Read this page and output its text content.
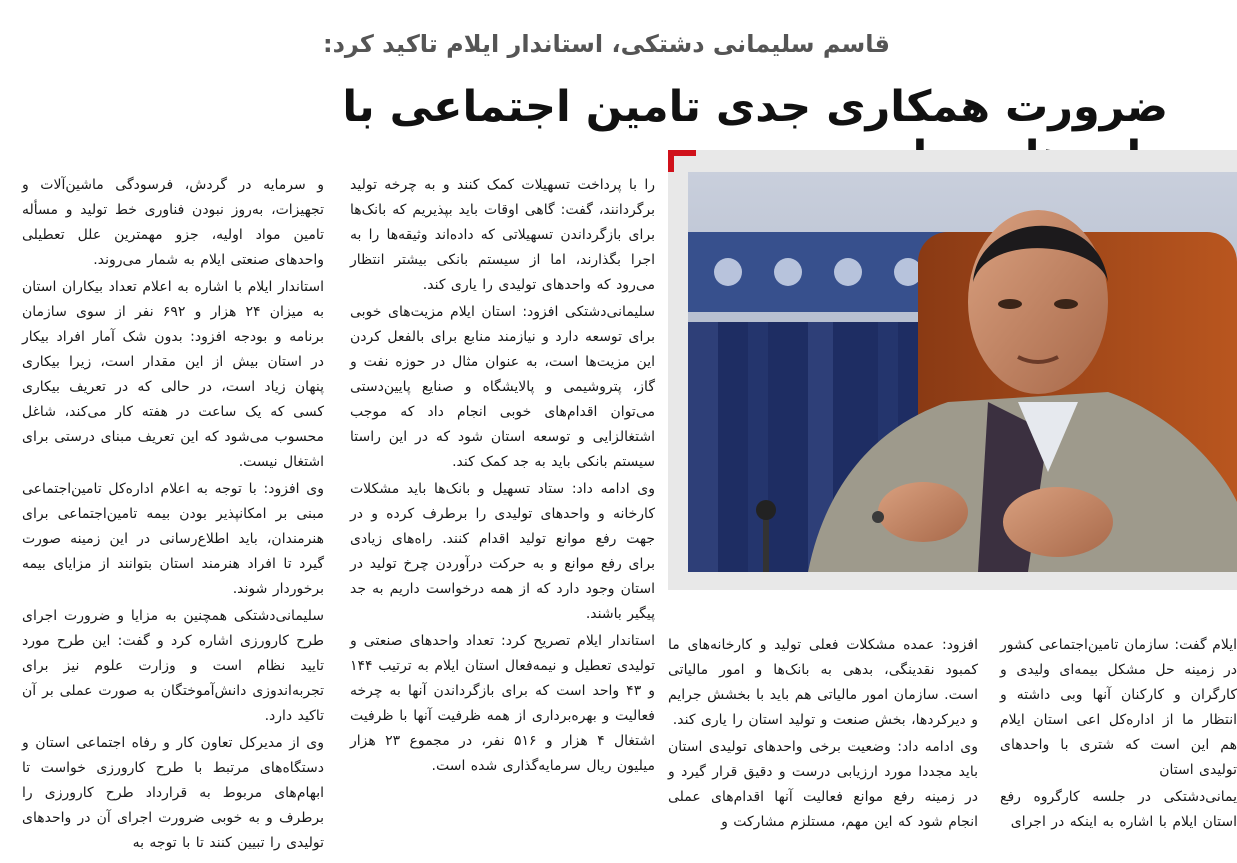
قاسم سلیمانی دشتکی، استاندار ایلام تاکید کرد:
ضرورت همکاری جدی تامین اجتماعی با

را با پرداخت تسهیلات کمک کنند و به چرخه تولید برگردانند، گفت: گاهی اوقات باید بپذیریم که بانک‌ها برای بازگرداندن تسهیلاتی که داده‌اند وثیقه‌ها را به اجرا بگذارند، اما از سیستم بانکی بیشتر انتظار می‌رود که واحدهای تولیدی را یاری کند.

سلیمانی‌دشتکی افزود: استان ایلام مزیت‌های خوبی برای توسعه دارد و نیازمند منابع برای بالفعل کردن این مزیت‌ها است، به عنوان مثال در حوزه نفت و گاز، پتروشیمی و پالایشگاه و صنایع پایین‌دستی می‌توان اقدام‌های خوبی انجام داد که موجب اشتغالزایی و توسعه استان شود که در این راستا سیستم بانکی باید به جد کمک کند.

وی ادامه داد: ستاد تسهیل و بانک‌ها باید مشکلات کارخانه و واحدهای تولیدی را برطرف کرده و در جهت رفع موانع تولید اقدام کنند. راه‌های زیادی برای رفع موانع و به حرکت درآوردن چرخ تولید در استان وجود دارد که از همه درخواست داریم به جد پیگیر باشند.

استاندار ایلام تصریح کرد: تعداد واحدهای صنعتی و تولیدی تعطیل و نیمه‌فعال استان ایلام به ترتیب ۱۴۴ و ۴۳ واحد است که برای بازگرداندن آنها به چرخه فعالیت و بهره‌برداری از همه ظرفیت آنها با ظرفیت اشتغال ۴ هزار و ۵۱۶ نفر، در مجموع ۲۳ هزار میلیون ریال سرمایه‌گذاری شده است.

و سرمایه در گردش، فرسودگی ماشین‌آلات و تجهیزات، به‌روز نبودن فناوری خط تولید و مسأله تامین مواد اولیه، جزو مهمترین علل تعطیلی واحدهای صنعتی ایلام به شمار می‌روند.

استاندار ایلام با اشاره به اعلام تعداد بیکاران استان به میزان ۲۴ هزار و ۶۹۲ نفر از سوی سازمان برنامه و بودجه افزود: بدون شک آمار افراد بیکار در استان بیش از این مقدار است، زیرا بیکاری پنهان زیاد است، در حالی که در تعریف بیکاری کسی که یک ساعت در هفته کار می‌کند، شاغل محسوب می‌شود که این تعریف مبنای درستی برای اشتغال نیست.

وی افزود: با توجه به اعلام اداره‌کل تامین‌اجتماعی مبنی بر امکانپذیر بودن بیمه تامین‌اجتماعی برای هنرمندان، باید اطلاع‌رسانی در این زمینه صورت گیرد تا افراد هنرمند استان بتوانند از مزایای بیمه برخوردار شوند.

سلیمانی‌دشتکی همچنین به مزایا و ضرورت اجرای طرح کارورزی اشاره کرد و گفت: این طرح مورد تایید نظام است و وزارت علوم نیز برای تجربه‌اندوزی دانش‌آموختگان به صورت عملی بر آن تاکید دارد.

وی از مدیرکل تعاون کار و رفاه اجتماعی استان و دستگاه‌های مرتبط با طرح کارورزی خواست تا ابهام‌های مربوط به قرارداد طرح کارورزی را برطرف و به خوبی ضرورت اجرای آن در واحدهای تولیدی را تبیین کنند تا با توجه به

افزود: عمده مشکلات فعلی تولید و کارخانه‌های ما کمبود نقدینگی، بدهی به بانک‌ها و امور مالیاتی است. سازمان امور مالیاتی هم باید با بخشش جرایم و دیرکردها، بخش صنعت و تولید استان را یاری کند.

وی ادامه داد: وضعیت برخی واحدهای تولیدی استان باید مجددا مورد ارزیابی درست و دقیق قرار گیرد و در زمینه رفع موانع فعالیت آنها اقدام‌های عملی انجام شود که این مهم، مستلزم مشارکت و

ایلام گفت: سازمان تامین‌اجتماعی کشور در زمینه حل مشکل بیمه‌ای ولیدی و کارگران و کارکنان آنها وبی داشته و انتظار ما از اداره‌کل اعی استان ایلام هم این است که شتری با واحدهای تولیدی استان

یمانی‌دشتکی در جلسه کارگروه رفع استان ایلام با اشاره به اینکه در اجرای
